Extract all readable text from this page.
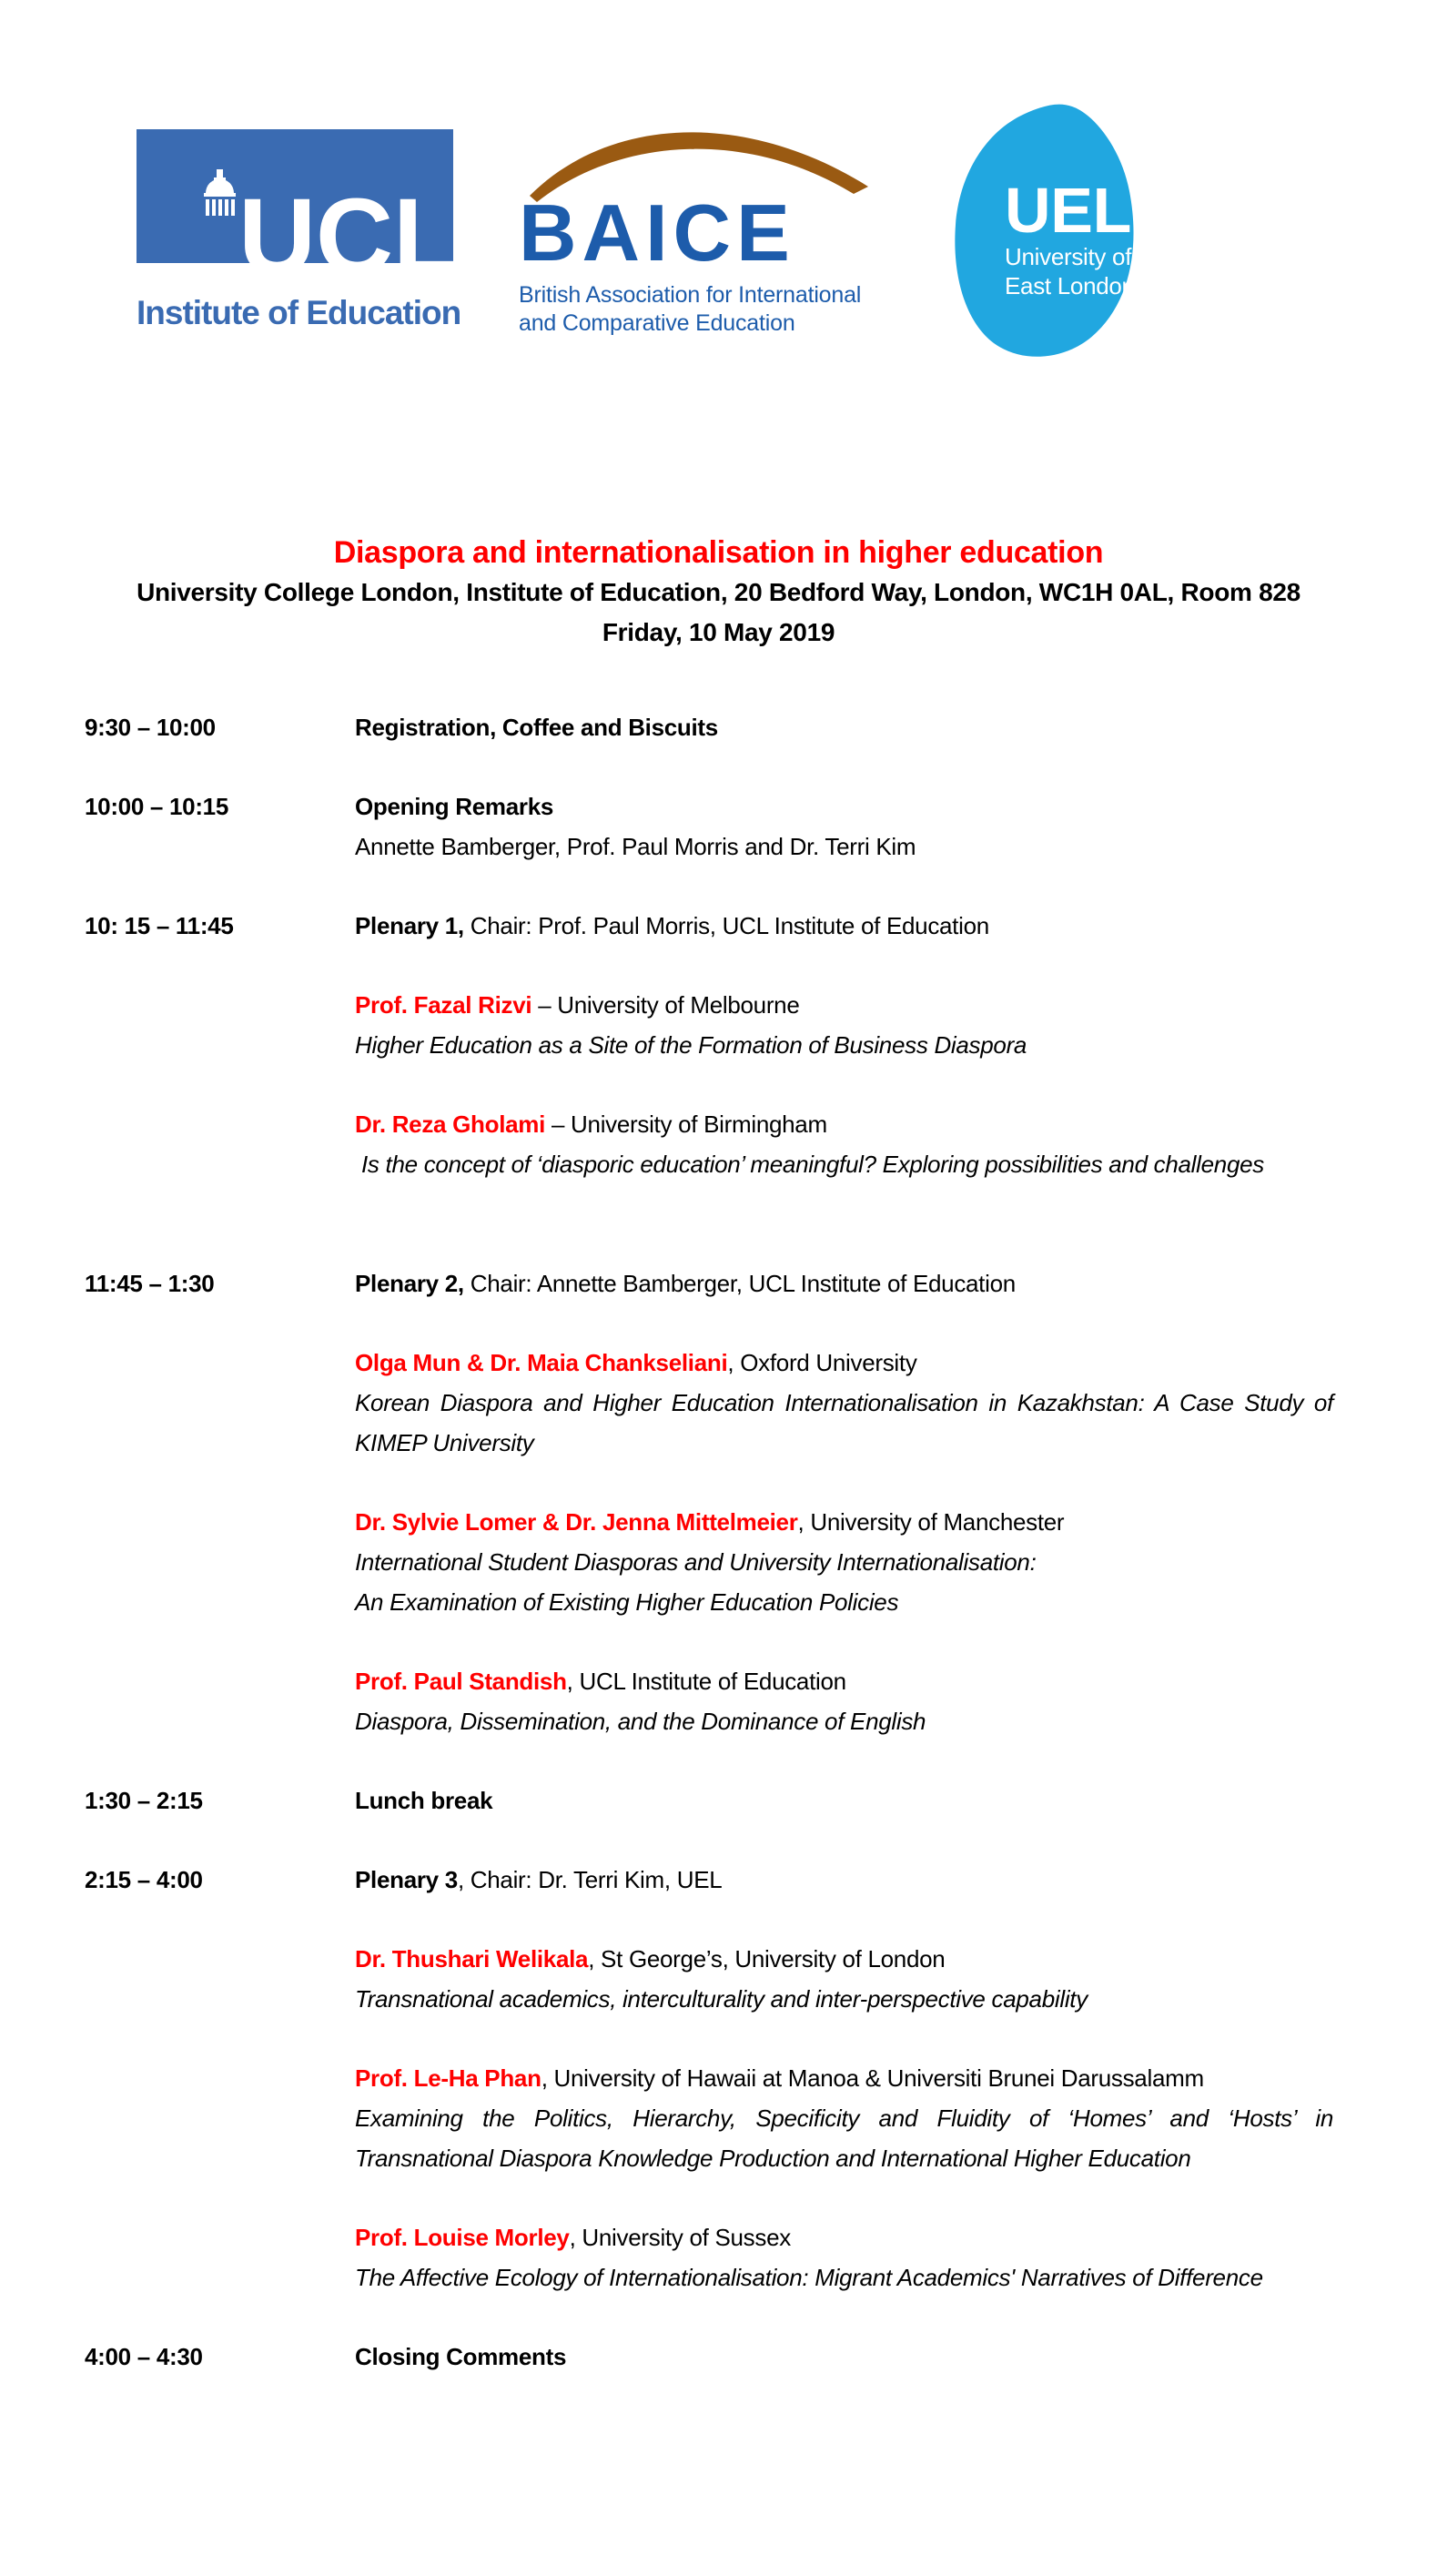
UCL
Institute of Education
BAICE
British Association for International
and Comparative Education
UEL
University of
East London
Diaspora and internationalisation in higher education
University College London, Institute of Education, 20 Bedford Way, London, WC1H 0AL, Room 828
Friday, 10 May 2019
9:30 – 10:00	Registration, Coffee and Biscuits
10:00 – 10:15	Opening Remarks
Annette Bamberger, Prof. Paul Morris and Dr. Terri Kim
10: 15 – 11:45	Plenary 1, Chair: Prof. Paul Morris, UCL Institute of Education
Prof. Fazal Rizvi – University of Melbourne
Higher Education as a Site of the Formation of Business Diaspora
Dr. Reza Gholami – University of Birmingham
Is the concept of ‘diasporic education’ meaningful? Exploring possibilities and challenges
11:45 – 1:30	Plenary 2, Chair: Annette Bamberger, UCL Institute of Education
Olga Mun & Dr. Maia Chankseliani, Oxford University
Korean Diaspora and Higher Education Internationalisation in Kazakhstan: A Case Study of
KIMEP University
Dr. Sylvie Lomer & Dr. Jenna Mittelmeier, University of Manchester
International Student Diasporas and University Internationalisation:
An Examination of Existing Higher Education Policies
Prof. Paul Standish, UCL Institute of Education
Diaspora, Dissemination, and the Dominance of English
1:30 – 2:15	Lunch break
2:15 – 4:00	Plenary 3, Chair: Dr. Terri Kim, UEL
Dr. Thushari Welikala, St George’s, University of London
Transnational academics, interculturality and inter-perspective capability
Prof. Le-Ha Phan, University of Hawaii at Manoa & Universiti Brunei Darussalamm
Examining the Politics, Hierarchy, Specificity and Fluidity of ‘Homes’ and ‘Hosts’ in
Transnational Diaspora Knowledge Production and International Higher Education
Prof. Louise Morley, University of Sussex
The Affective Ecology of Internationalisation: Migrant Academics' Narratives of Difference
4:00 – 4:30	Closing Comments
